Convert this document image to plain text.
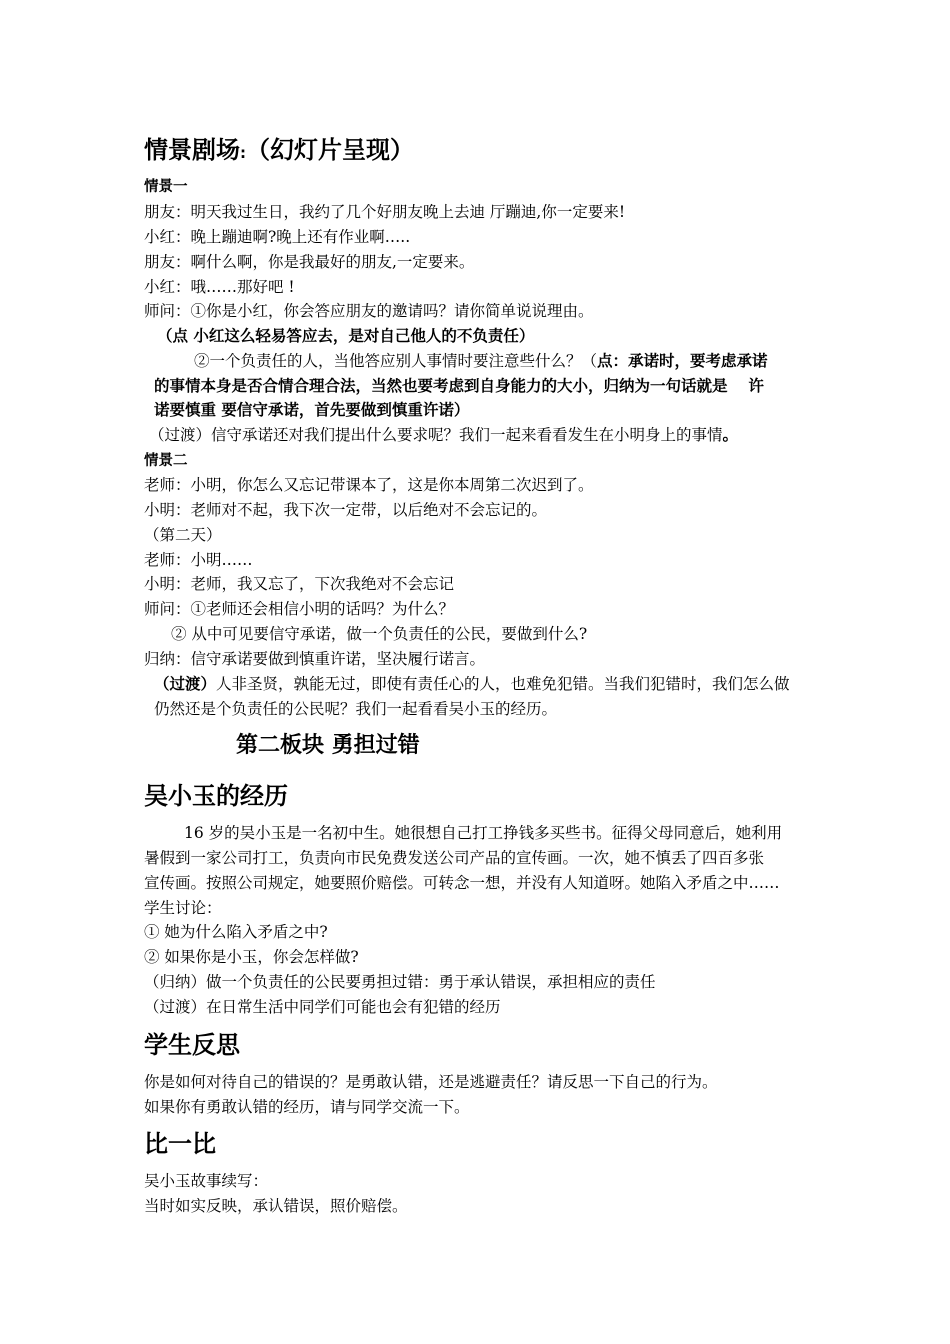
情景剧场:（幻灯片呈现）
情景一
朋友：明天我过生日，我约了几个好朋友晚上去迪 厅蹦迪,你一定要来!
小红：晚上蹦迪啊?晚上还有作业啊…..
朋友：啊什么啊，你是我最好的朋友,一定要来。
小红：哦……那好吧 !
师问：①你是小红，你会答应朋友的邀请吗？请你简单说说理由。
（点 小红这么轻易答应去，是对自己他人的不负责任）
②一个负责任的人，当他答应别人事情时要注意些什么？（点：承诺时，要考虑承诺
的事情本身是否合情合理合法，当然也要考虑到自身能力的大小，归纳为一句话就是　 许
诺要慎重 要信守承诺，首先要做到慎重许诺）
（过渡）信守承诺还对我们提出什么要求呢？我们一起来看看发生在小明身上的事情。
情景二
老师：小明，你怎么又忘记带课本了，这是你本周第二次迟到了。
小明：老师对不起，我下次一定带，以后绝对不会忘记的。
（第二天）
老师：小明……
小明：老师，我又忘了，下次我绝对不会忘记
师问：①老师还会相信小明的话吗？为什么？
② 从中可见要信守承诺，做一个负责任的公民，要做到什么?
归纳：信守承诺要做到慎重许诺，坚决履行诺言。
（过渡）人非圣贤，孰能无过，即使有责任心的人，也难免犯错。当我们犯错时，我们怎么做
仍然还是个负责任的公民呢？我们一起看看吴小玉的经历。
第二板块 勇担过错
吴小玉的经历
16 岁的吴小玉是一名初中生。她很想自己打工挣钱多买些书。征得父母同意后，她利用
暑假到一家公司打工，负责向市民免费发送公司产品的宣传画。一次，她不慎丢了四百多张
宣传画。按照公司规定，她要照价赔偿。可转念一想，并没有人知道呀。她陷入矛盾之中……
学生讨论：
① 她为什么陷入矛盾之中?
② 如果你是小玉，你会怎样做?
（归纳）做一个负责任的公民要勇担过错：勇于承认错误，承担相应的责任
（过渡）在日常生活中同学们可能也会有犯错的经历
学生反思
你是如何对待自己的错误的？是勇敢认错，还是逃避责任？请反思一下自己的行为。
如果你有勇敢认错的经历，请与同学交流一下。
比一比
吴小玉故事续写：
当时如实反映，承认错误，照价赔偿。
